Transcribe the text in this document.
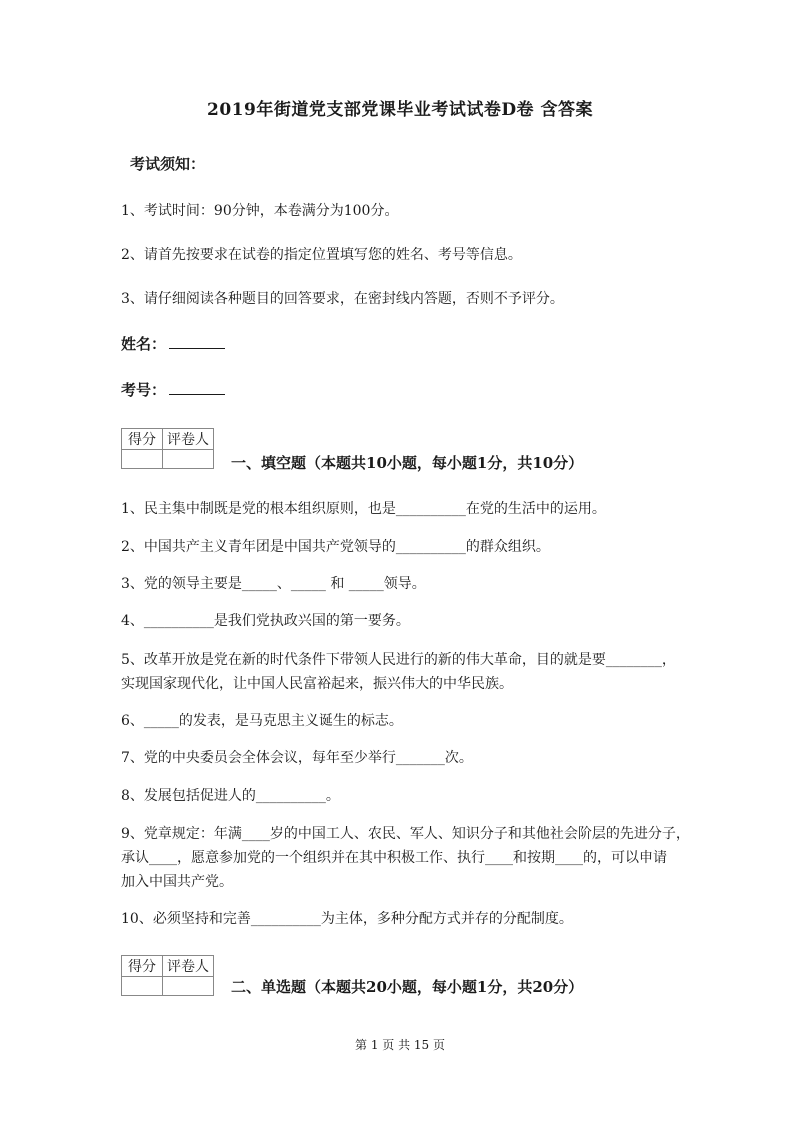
2019年街道党支部党课毕业考试试卷D卷 含答案
考试须知：
1、考试时间：90分钟，本卷满分为100分。
2、请首先按要求在试卷的指定位置填写您的姓名、考号等信息。
3、请仔细阅读各种题目的回答要求，在密封线内答题，否则不予评分。
姓名：
考号：
得分	评卷人

一、填空题（本题共10小题，每小题1分，共10分）
1、民主集中制既是党的根本组织原则，也是__________在党的生活中的运用。
2、中国共产主义青年团是中国共产党领导的__________的群众组织。
3、党的领导主要是_____、_____ 和 _____领导。
4、__________是我们党执政兴国的第一要务。
5、改革开放是党在新的时代条件下带领人民进行的新的伟大革命，目的就是要________，
实现国家现代化，让中国人民富裕起来，振兴伟大的中华民族。
6、_____的发表，是马克思主义诞生的标志。
7、党的中央委员会全体会议，每年至少举行_______次。
8、发展包括促进人的__________。
9、党章规定：年满____岁的中国工人、农民、军人、知识分子和其他社会阶层的先进分子，
承认____，愿意参加党的一个组织并在其中积极工作、执行____和按期____的，可以申请
加入中国共产党。
10、必须坚持和完善__________为主体，多种分配方式并存的分配制度。
得分	评卷人

二、单选题（本题共20小题，每小题1分，共20分）
第 1 页 共 15 页
